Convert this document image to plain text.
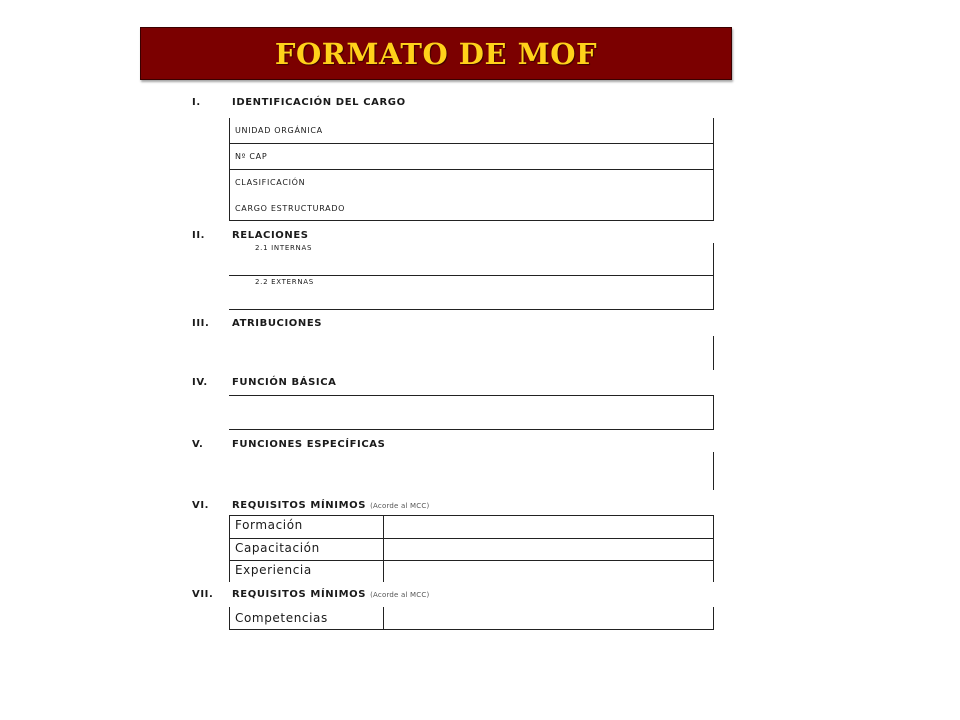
FORMATO DE MOF
I.	IDENTIFICACIÓN DEL CARGO
UNIDAD ORGÁNICA
Nº CAP
CLASIFICACIÓN
CARGO ESTRUCTURADO
II.	RELACIONES
2.1 INTERNAS
2.2 EXTERNAS
III. ATRIBUCIONES
IV. FUNCIÓN BÁSICA
V.	FUNCIONES ESPECÍFICAS
VI. REQUISITOS MÍNIMOS (Acorde al MCC)
Formación
Capacitación
Experiencia
VII. REQUISITOS MÍNIMOS (Acorde al MCC)
Competencias
